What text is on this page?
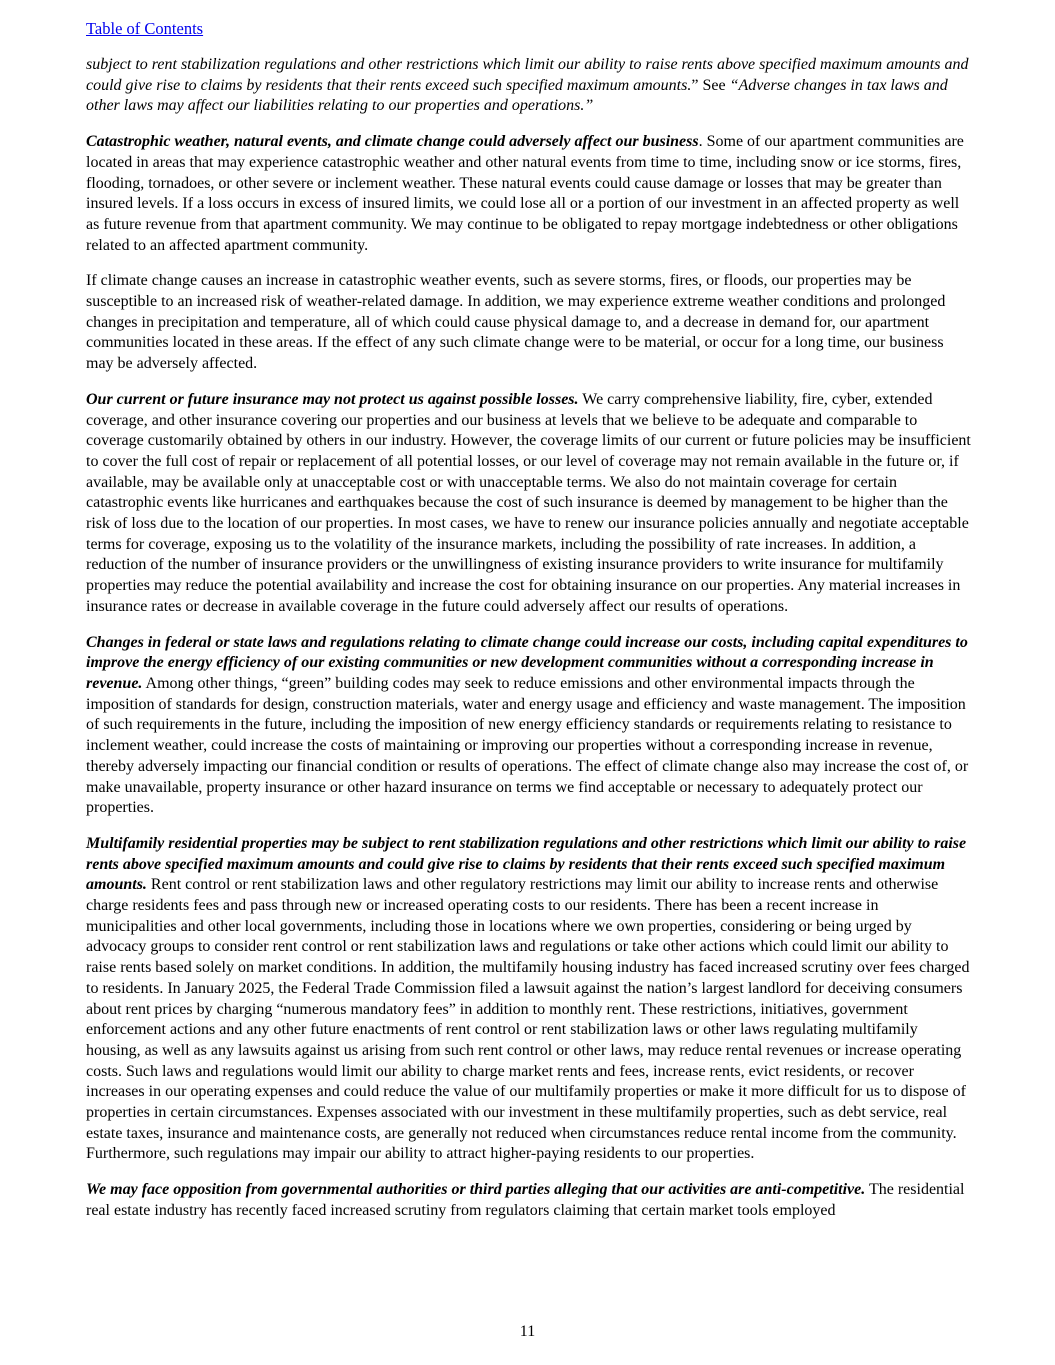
Table of Contents

subject to rent stabilization regulations and other restrictions which limit our ability to raise rents above specified maximum amounts and could give rise to claims by residents that their rents exceed such specified maximum amounts.” See “Adverse changes in tax laws and other laws may affect our liabilities relating to our properties and operations.”

Catastrophic weather, natural events, and climate change could adversely affect our business. Some of our apartment communities are located in areas that may experience catastrophic weather and other natural events from time to time, including snow or ice storms, fires, flooding, tornadoes, or other severe or inclement weather. These natural events could cause damage or losses that may be greater than insured levels. If a loss occurs in excess of insured limits, we could lose all or a portion of our investment in an affected property as well as future revenue from that apartment community. We may continue to be obligated to repay mortgage indebtedness or other obligations related to an affected apartment community.

If climate change causes an increase in catastrophic weather events, such as severe storms, fires, or floods, our properties may be susceptible to an increased risk of weather-related damage. In addition, we may experience extreme weather conditions and prolonged changes in precipitation and temperature, all of which could cause physical damage to, and a decrease in demand for, our apartment communities located in these areas. If the effect of any such climate change were to be material, or occur for a long time, our business may be adversely affected.

Our current or future insurance may not protect us against possible losses. We carry comprehensive liability, fire, cyber, extended coverage, and other insurance covering our properties and our business at levels that we believe to be adequate and comparable to coverage customarily obtained by others in our industry. However, the coverage limits of our current or future policies may be insufficient to cover the full cost of repair or replacement of all potential losses, or our level of coverage may not remain available in the future or, if available, may be available only at unacceptable cost or with unacceptable terms. We also do not maintain coverage for certain catastrophic events like hurricanes and earthquakes because the cost of such insurance is deemed by management to be higher than the risk of loss due to the location of our properties. In most cases, we have to renew our insurance policies annually and negotiate acceptable terms for coverage, exposing us to the volatility of the insurance markets, including the possibility of rate increases. In addition, a reduction of the number of insurance providers or the unwillingness of existing insurance providers to write insurance for multifamily properties may reduce the potential availability and increase the cost for obtaining insurance on our properties. Any material increases in insurance rates or decrease in available coverage in the future could adversely affect our results of operations.

Changes in federal or state laws and regulations relating to climate change could increase our costs, including capital expenditures to improve the energy efficiency of our existing communities or new development communities without a corresponding increase in revenue. Among other things, “green” building codes may seek to reduce emissions and other environmental impacts through the imposition of standards for design, construction materials, water and energy usage and efficiency and waste management. The imposition of such requirements in the future, including the imposition of new energy efficiency standards or requirements relating to resistance to inclement weather, could increase the costs of maintaining or improving our properties without a corresponding increase in revenue, thereby adversely impacting our financial condition or results of operations. The effect of climate change also may increase the cost of, or make unavailable, property insurance or other hazard insurance on terms we find acceptable or necessary to adequately protect our properties.

Multifamily residential properties may be subject to rent stabilization regulations and other restrictions which limit our ability to raise rents above specified maximum amounts and could give rise to claims by residents that their rents exceed such specified maximum amounts. Rent control or rent stabilization laws and other regulatory restrictions may limit our ability to increase rents and otherwise charge residents fees and pass through new or increased operating costs to our residents. There has been a recent increase in municipalities and other local governments, including those in locations where we own properties, considering or being urged by advocacy groups to consider rent control or rent stabilization laws and regulations or take other actions which could limit our ability to raise rents based solely on market conditions. In addition, the multifamily housing industry has faced increased scrutiny over fees charged to residents. In January 2025, the Federal Trade Commission filed a lawsuit against the nation’s largest landlord for deceiving consumers about rent prices by charging “numerous mandatory fees” in addition to monthly rent. These restrictions, initiatives, government enforcement actions and any other future enactments of rent control or rent stabilization laws or other laws regulating multifamily housing, as well as any lawsuits against us arising from such rent control or other laws, may reduce rental revenues or increase operating costs. Such laws and regulations would limit our ability to charge market rents and fees, increase rents, evict residents, or recover increases in our operating expenses and could reduce the value of our multifamily properties or make it more difficult for us to dispose of properties in certain circumstances. Expenses associated with our investment in these multifamily properties, such as debt service, real estate taxes, insurance and maintenance costs, are generally not reduced when circumstances reduce rental income from the community. Furthermore, such regulations may impair our ability to attract higher-paying residents to our properties.

We may face opposition from governmental authorities or third parties alleging that our activities are anti-competitive. The residential real estate industry has recently faced increased scrutiny from regulators claiming that certain market tools employed

11
